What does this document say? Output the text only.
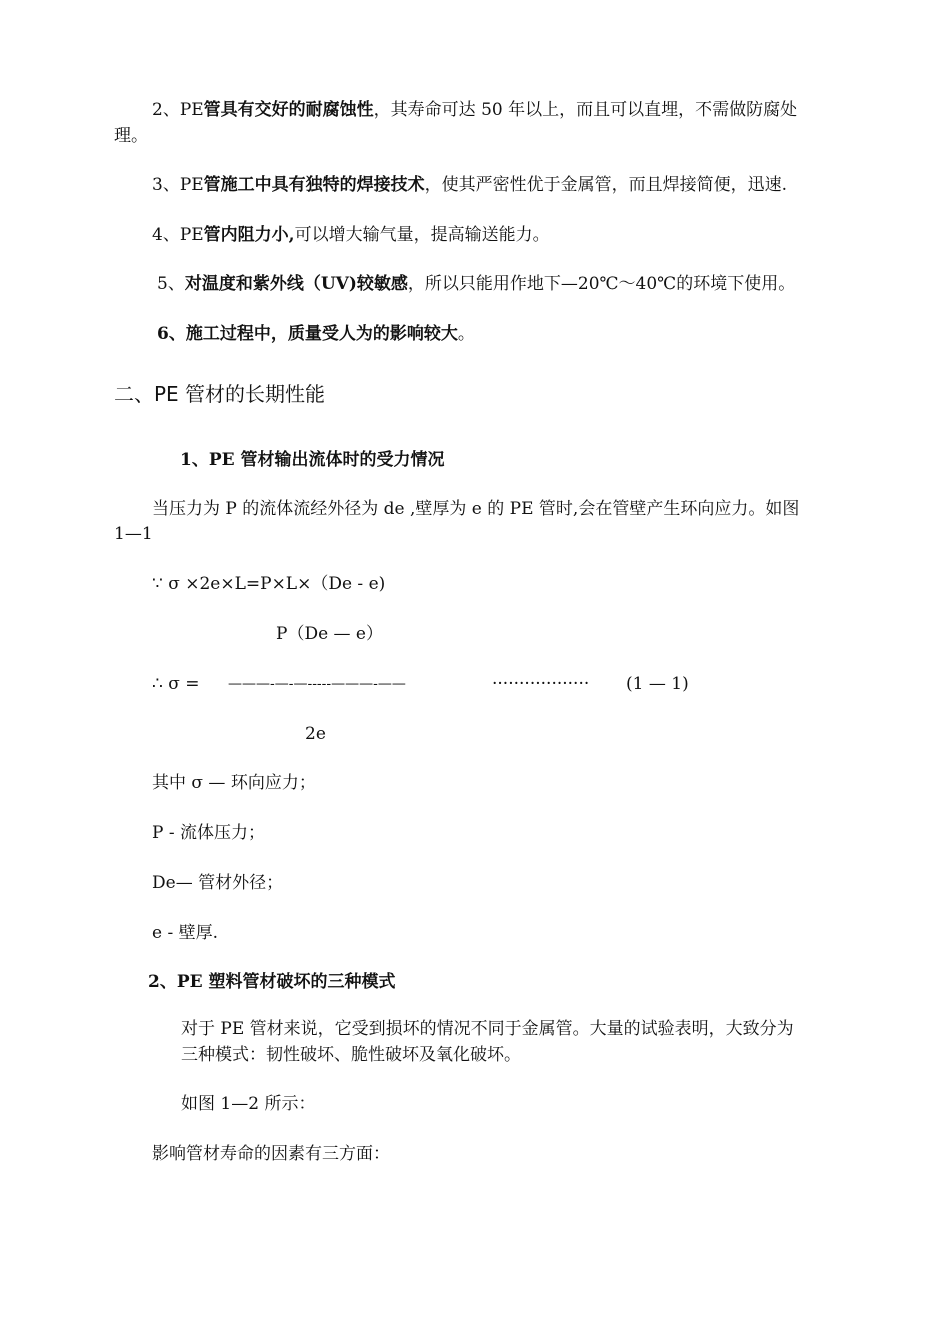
2、PE管具有交好的耐腐蚀性，其寿命可达 50 年以上，而且可以直埋，不需做防腐处
理。
3、PE管施工中具有独特的焊接技术，使其严密性优于金属管，而且焊接简便，迅速.
4、PE管内阻力小,可以增大输气量，提高输送能力。
5、对温度和紫外线（UV)较敏感，所以只能用作地下—20℃～40℃的环境下使用。
6、施工过程中，质量受人为的影响较大。
二、PE 管材的长期性能
1、PE 管材输出流体时的受力情况
当压力为 P 的流体流经外径为 de ,壁厚为 e 的 PE 管时,会在管壁产生环向应力。如图
1—1
∵ σ ×2e×L=P×L×（De - e)
P（De — e）
∴ σ = ———-—-—-----———-——	·················· (1 — 1)
2e
其中 σ — 环向应力；
P - 流体压力；
De— 管材外径；
e - 壁厚.
2、PE 塑料管材破坏的三种模式
对于 PE 管材来说，它受到损坏的情况不同于金属管。大量的试验表明，大致分为
三种模式：韧性破坏、脆性破坏及氧化破坏。
如图 1—2 所示：
影响管材寿命的因素有三方面：
